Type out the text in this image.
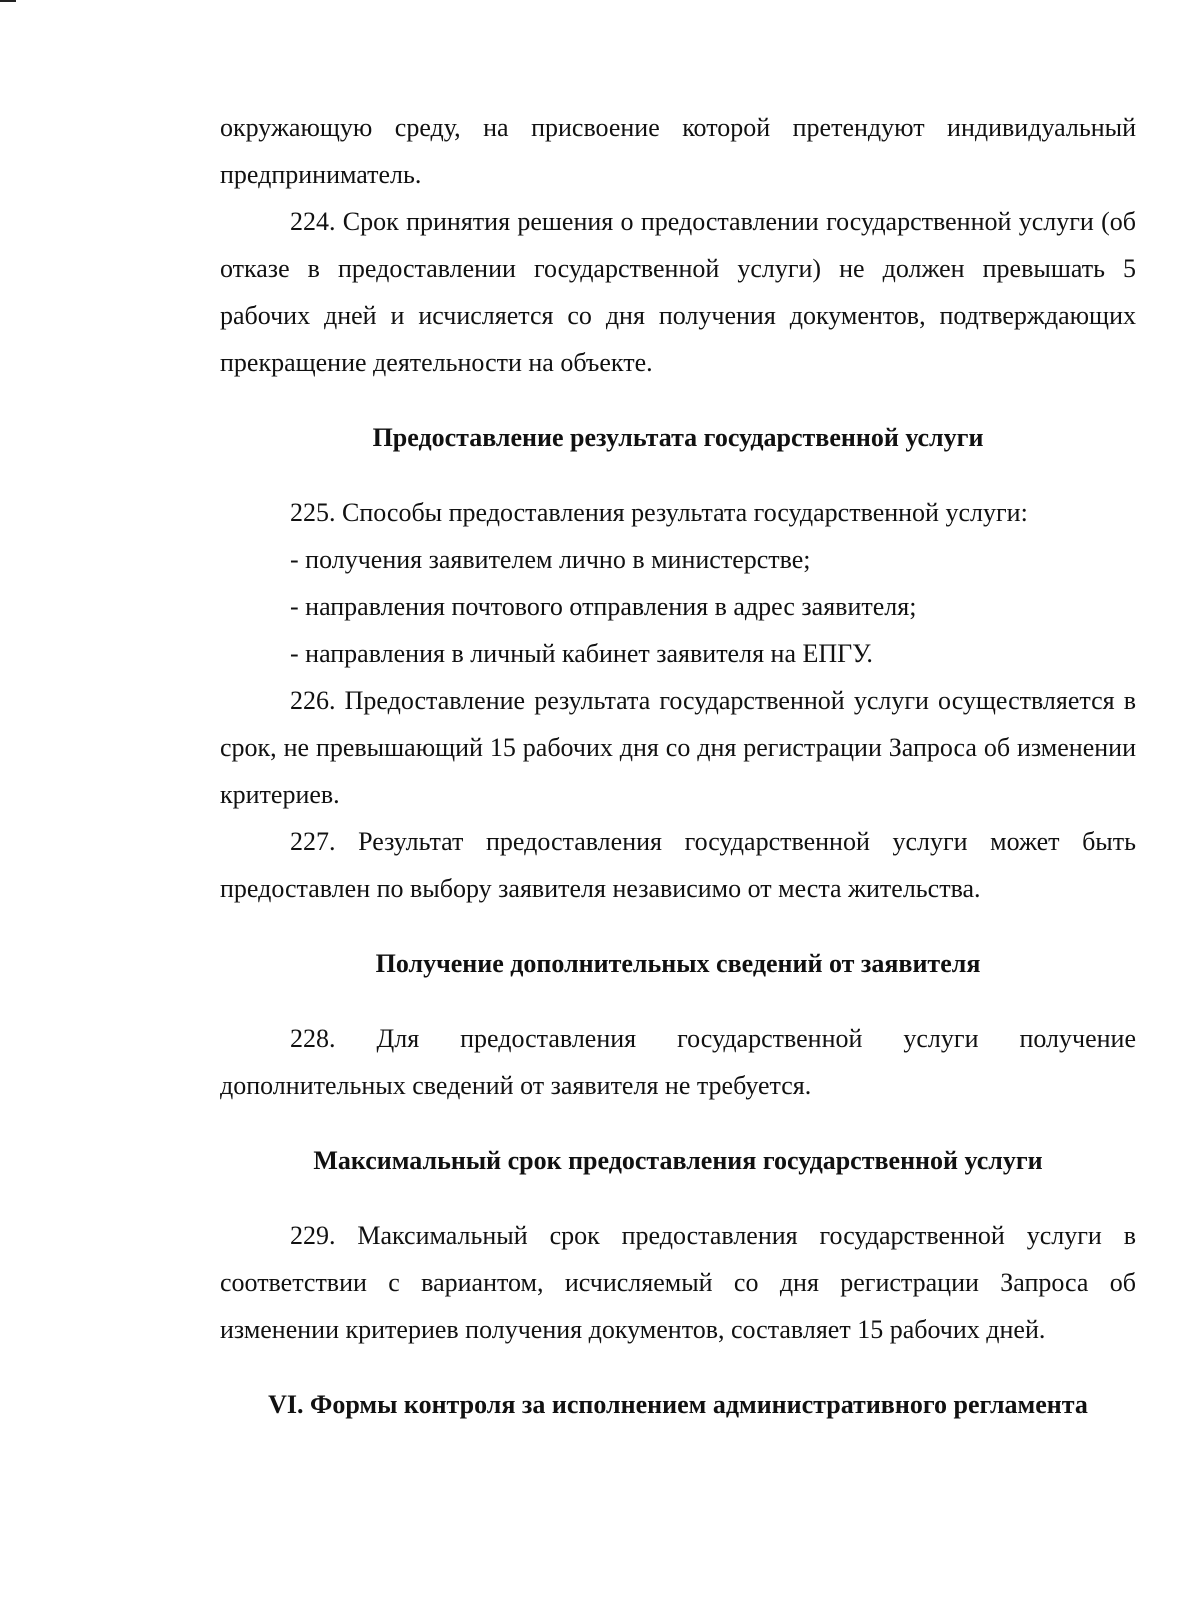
окружающую среду, на присвоение которой претендуют индивидуальный предприниматель.

224. Срок принятия решения о предоставлении государственной услуги (об отказе в предоставлении государственной услуги) не должен превышать 5 рабочих дней и исчисляется со дня получения документов, подтверждающих прекращение деятельности на объекте.

Предоставление результата государственной услуги

225. Способы предоставления результата государственной услуги:

- получения заявителем лично в министерстве;

- направления почтового отправления в адрес заявителя;

- направления в личный кабинет заявителя на ЕПГУ.

226. Предоставление результата государственной услуги осуществляется в срок, не превышающий 15 рабочих дня со дня регистрации Запроса об изменении критериев.

227. Результат предоставления государственной услуги может быть предоставлен по выбору заявителя независимо от места жительства.

Получение дополнительных сведений от заявителя

228. Для предоставления государственной услуги получение дополнительных сведений от заявителя не требуется.

Максимальный срок предоставления государственной услуги

229. Максимальный срок предоставления государственной услуги в соответствии с вариантом, исчисляемый со дня регистрации Запроса об изменении критериев получения документов, составляет 15 рабочих дней.

VI. Формы контроля за исполнением административного регламента
